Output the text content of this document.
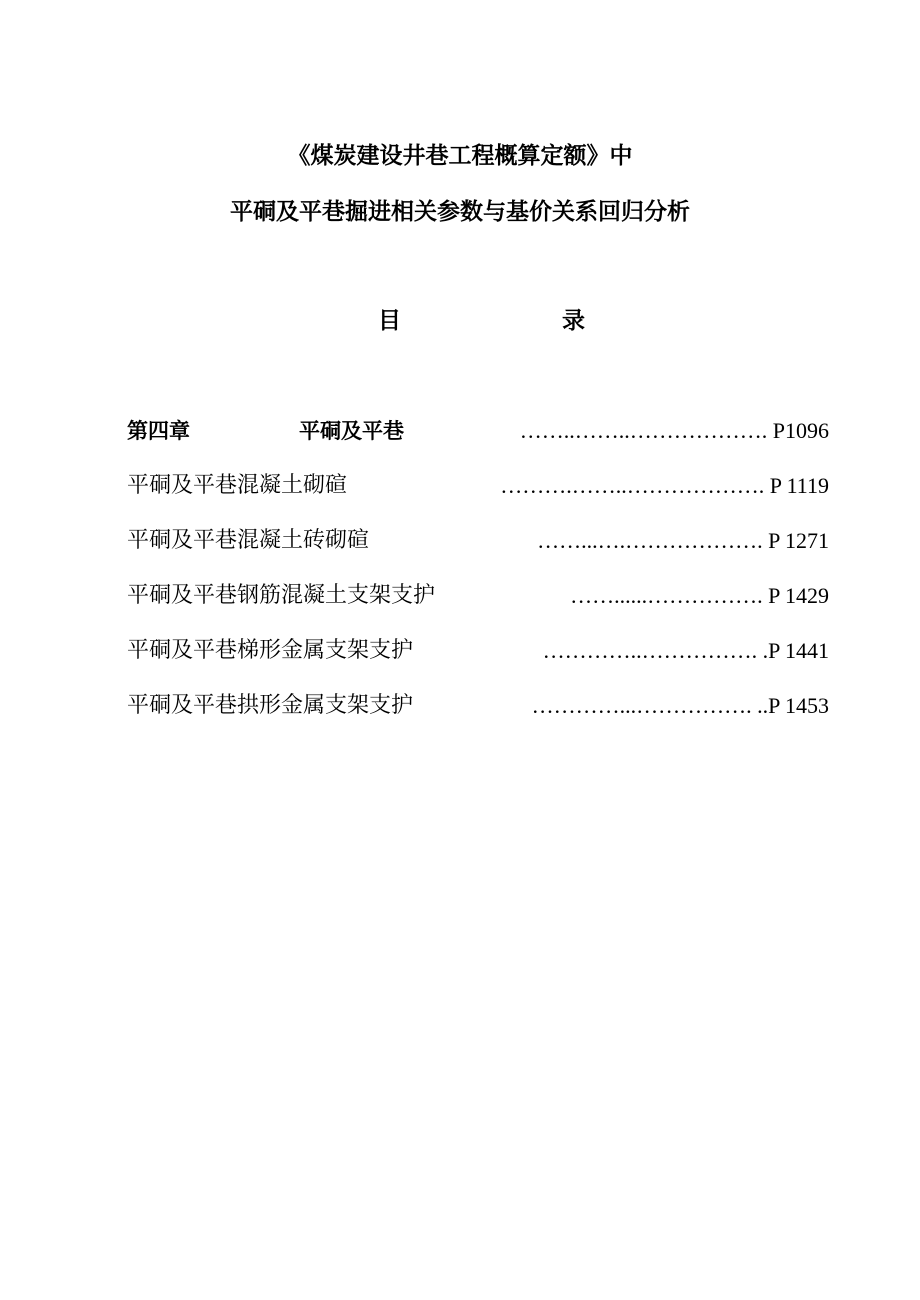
《煤炭建设井巷工程概算定额》中
平硐及平巷掘进相关参数与基价关系回归分析
目	录
第四章	平硐及平巷	……..……..………………. P1096
平硐及平巷混凝土砌碹	……….……..………………. P 1119
平硐及平巷混凝土砖砌碹	……...….………………. P 1271
平硐及平巷钢筋混凝土支架支护	……......……………. P 1429
平硐及平巷梯形金属支架支护	…………..……………. .P 1441
平硐及平巷拱形金属支架支护	…………...……………. ..P 1453
